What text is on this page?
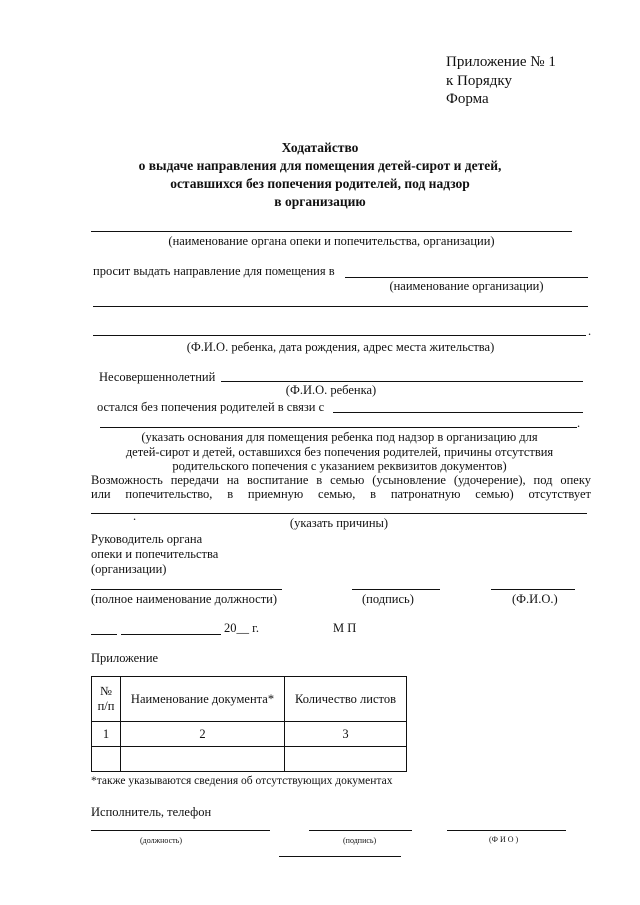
Приложение № 1
к Порядку
Форма
Ходатайство
о выдаче направления для помещения детей-сирот и детей,
оставшихся без попечения родителей, под надзор
в организацию
(наименование органа опеки и попечительства, организации)
просит выдать направление для помещения в
(наименование организации)
.
(Ф.И.О. ребенка, дата рождения, адрес места жительства)
Несовершеннолетний
(Ф.И.О. ребенка)
остался без попечения родителей в связи с
.
(указать основания для помещения ребенка под надзор в организацию для
детей-сирот и детей, оставшихся без попечения родителей, причины отсутствия
родительского попечения с указанием реквизитов документов)
Возможность передачи на воспитание в семью (усыновление (удочерение), под опеку
или попечительство, в приемную семью, в патронатную семью) отсутствует
.	(указать причины)
Руководитель органа
опеки и попечительства
(организации)
(полное наименование должности)	(подпись)	(Ф.И.О.)
20__ г.	М П
Приложение
№
п/п	Наименование документа*	Количество листов
1	2	3

*также указываются сведения об отсутствующих документах
Исполнитель, телефон
(должность)	(подпись)	(Ф И О )
